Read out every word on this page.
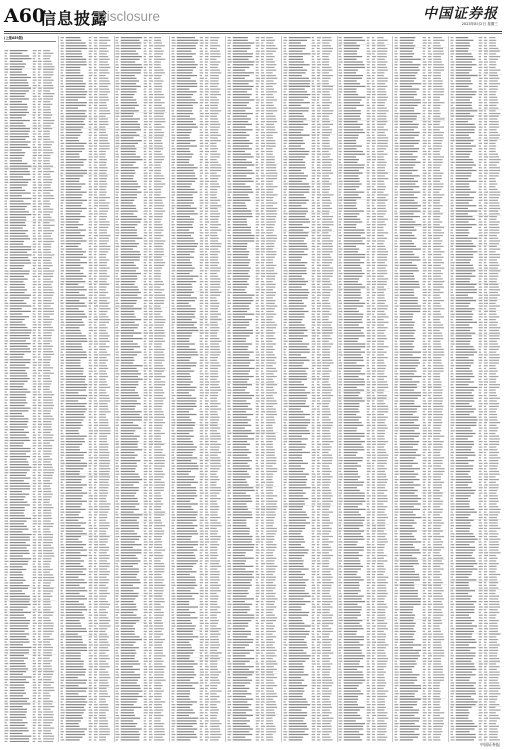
A60
信息披露
Disclosure	中国证券报
2023年8月2日 星期三
(上接A59版)
中国证券报
